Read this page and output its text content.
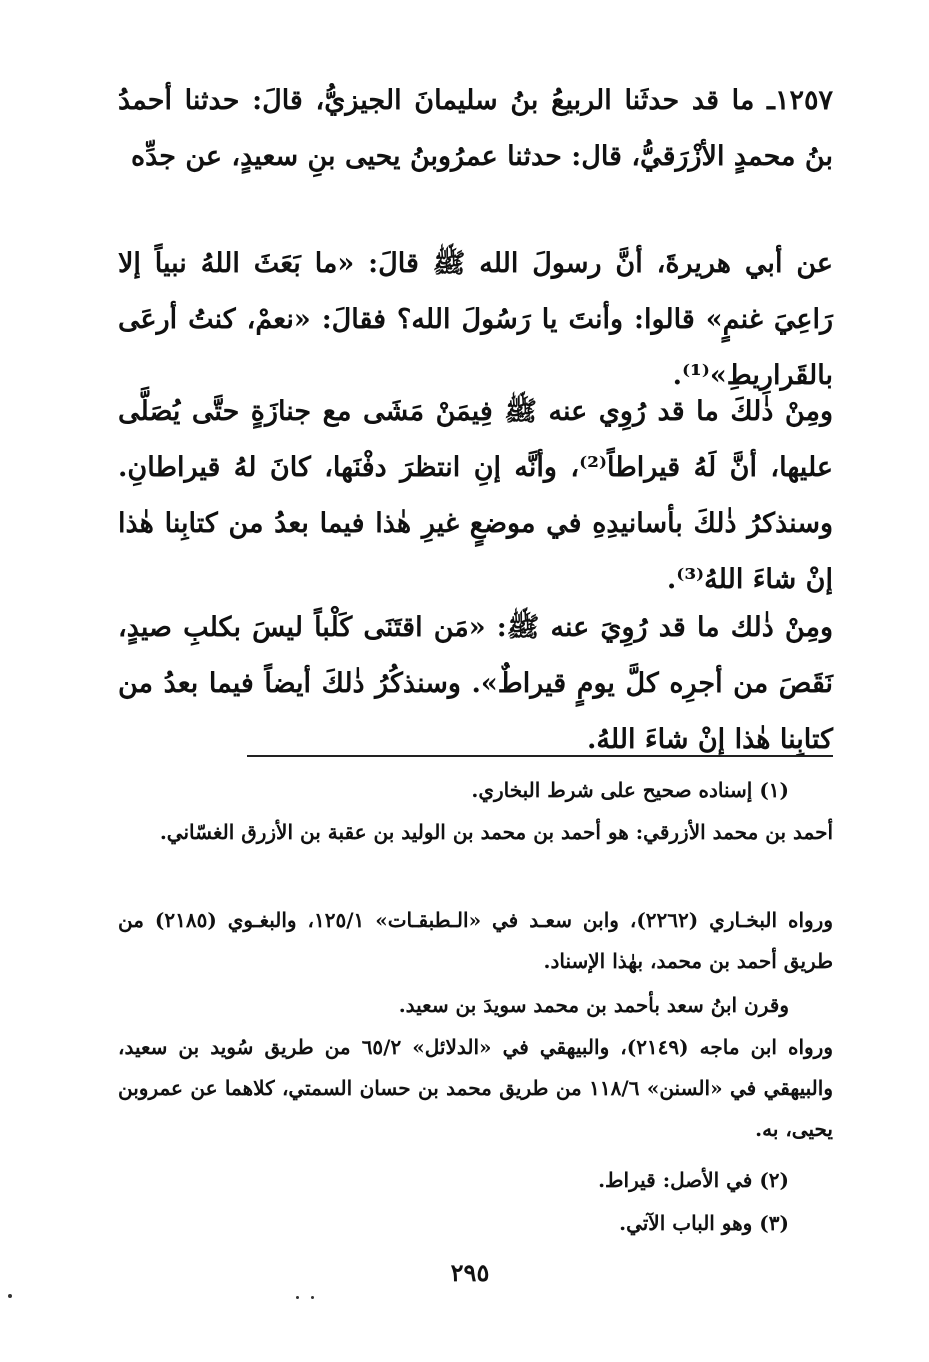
١٢٥٧ـ ما قد حدثَنا الربيعُ بنُ سليمانَ الجيزيُّ، قالَ: حدثنا أحمدُ بنُ محمدٍ الأزْرَقيُّ، قال: حدثنا عمرُوبنُ يحيى بنِ سعيدٍ، عن جدِّه

عن أبي هريرةَ، أنَّ رسولَ الله ﷺ قالَ: «ما بَعَثَ اللهُ نبياً إلا رَاعِيَ غنمٍ» قالوا: وأنتَ يا رَسُولَ الله؟ فقالَ: «نعمْ، كنتُ أرعَى بالقَرارِيطِ»⁽¹⁾.

ومِنْ ذٰلكَ ما قد رُوِي عنه ﷺ فِيمَنْ مَشَى مع جنازَةٍ حتَّى يُصَلَّى عليها، أنَّ لَهُ قيراطاً⁽²⁾، وأنَّه إنِ انتظرَ دفْنَها، كانَ لهُ قيراطانِ. وسنذكرُ ذٰلكَ بأسانيدِهِ في موضعٍ غيرِ هٰذا فيما بعدُ من كتابِنا هٰذا إنْ شاءَ اللهُ⁽³⁾.

ومِنْ ذٰلك ما قد رُوِيَ عنه ﷺ: «مَن اقتَنَى كَلْباً ليسَ بكلبِ صيدٍ، نَقَصَ من أجرِه كلَّ يومٍ قيراطٌ». وسنذكُرُ ذٰلكَ أيضاً فيما بعدُ من كتابِنا هٰذا إنْ شاءَ اللهُ.

(١) إسناده صحيح على شرط البخاري.

أحمد بن محمد الأزرقي: هو أحمد بن محمد بن الوليد بن عقبة بن الأزرق الغسّاني.

ورواه البخـاري (٢٢٦٢)، وابن سعـد في «الـطبقـات» ١٢٥/١، والبغـوي (٢١٨٥) من طريق أحمد بن محمد، بهٰذا الإسناد.

وقرن ابنُ سعد بأحمد بن محمد سويدَ بن سعيد.

ورواه ابن ماجه (٢١٤٩)، والبيهقي في «الدلائل» ٦٥/٢ من طريق سُويد بن سعيد، والبيهقي في «السنن» ١١٨/٦ من طريق محمد بن حسان السمتي، كلاهما عن عمروبن يحيى، به.

(٢) في الأصل: قيراط.

(٣) وهو الباب الآتي.

٢٩٥
